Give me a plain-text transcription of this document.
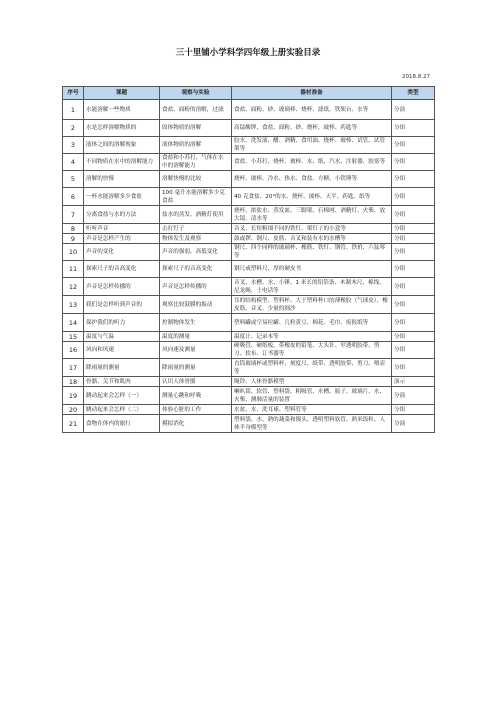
三十里铺小学科学四年级上册实验目录
2018.8.27
序号	课题	观察与实验	器材准备	类型
1	水能溶解一些物质	食盐、面粉的溶解，过滤	食盐、面粉、砂、玻璃棒、烧杯、滤纸、铁架台、水等	分演
2	水是怎样溶解物质的	固体物质的溶解	高锰酸钾、食盐、面粉、砂、烧杯、玻棒、药匙等	分组
3	液体之间的溶解现象	液体物质的溶解	胶水、洗发液、醋、酒精、食用油、烧杯、玻棒、试管、试管架等	分组
4	不同物质在水中的溶解能力	食盐和小苏打、气体在水中的溶解能力	食盐、小苏打、烧杯、玻棒、水、纸、汽水、注射器、胶塞等	分组
5	溶解的快慢	溶解快慢的比较	烧杯、玻棒、冷水、热水、食盐、方糖、小铁锤等	分组
6	一杯水能溶解多少食盐	100 毫升水能溶解多少克食盐	40 克食盐、20°的水、烧杯、玻棒、天平、药匙、纸等	分组
7	分离食盐与水的方法	盐水的蒸发、酒精灯使用	烧杯、浓盐水、蒸发皿、三脚架、石棉网、酒精灯、火柴、放大镜、清水等	分组
8	听听声音	击打钉子	音叉、长短粗细不同的铁钉、架钉子的小盒等	分组
9	声音是怎样产生的	物体发生及观察	鼓或锣、钢尺、皮筋、音叉和装有水的水槽等	分组
10	声音的变化	声音的强弱、高低变化	钢尺、四个同样的玻璃杯、橡筋、铁钉、钢管、铁价、六弦琴等	分组
11	探索尺子的音高变化	探索尺子的音高变化	钢尺或塑料尺、厚的硬皮书	分组
12	声音是怎样传播的	声音是怎样传播的	音叉、水槽、水、小锤、1 米长的铝箔条、木制木尺、棉线、尼龙绳、土电话等	分组
13	我们是怎样听到声音的	观察比较鼓膜的振动	耳的结构模型、塑料杯、大于塑料杯口的薄橡胶（气球皮）、橡皮筋、音叉、少量的细沙	分组
14	保护我们的听力	控制物体发生	塑料罐或空易拉罐、几粒黄豆、棉花、毛巾、废报纸等	分组
15	温度与气温	温度的测量	温度计、记录本等	分组
16	风向和风速	风向速及测量	硬吸管、硬纸板、带橡皮的铅笔、大头针、窄透明胶带、剪刀、软布、订书器等	分组
17	降雨量的测量	降雨量的测量	直筒玻璃杯或塑料杯、刻度尺、纸带、透明胶带、剪刀、喷壶等	分组
18	骨骼、关节和肌肉	认识人体骨骼	绳铃、人体骨骼模型	演示
19	跳动起来会怎样（一）	测量心跳和呼吸	喇叭筒、软管、塑料袋、粗吸管、水槽、瓶子、玻璃片、水、火柴、测肺活量的装置	分演
20	跳动起来会怎样（二）	体验心脏的工作	水盆、水、洗耳球、塑料管等	分组
21	食物在体内的旅行	模拟消化	塑料袋、水、熟的蔬菜和馒头、透明塑料软管、熟米饭粒、人体半身模型等	分演
